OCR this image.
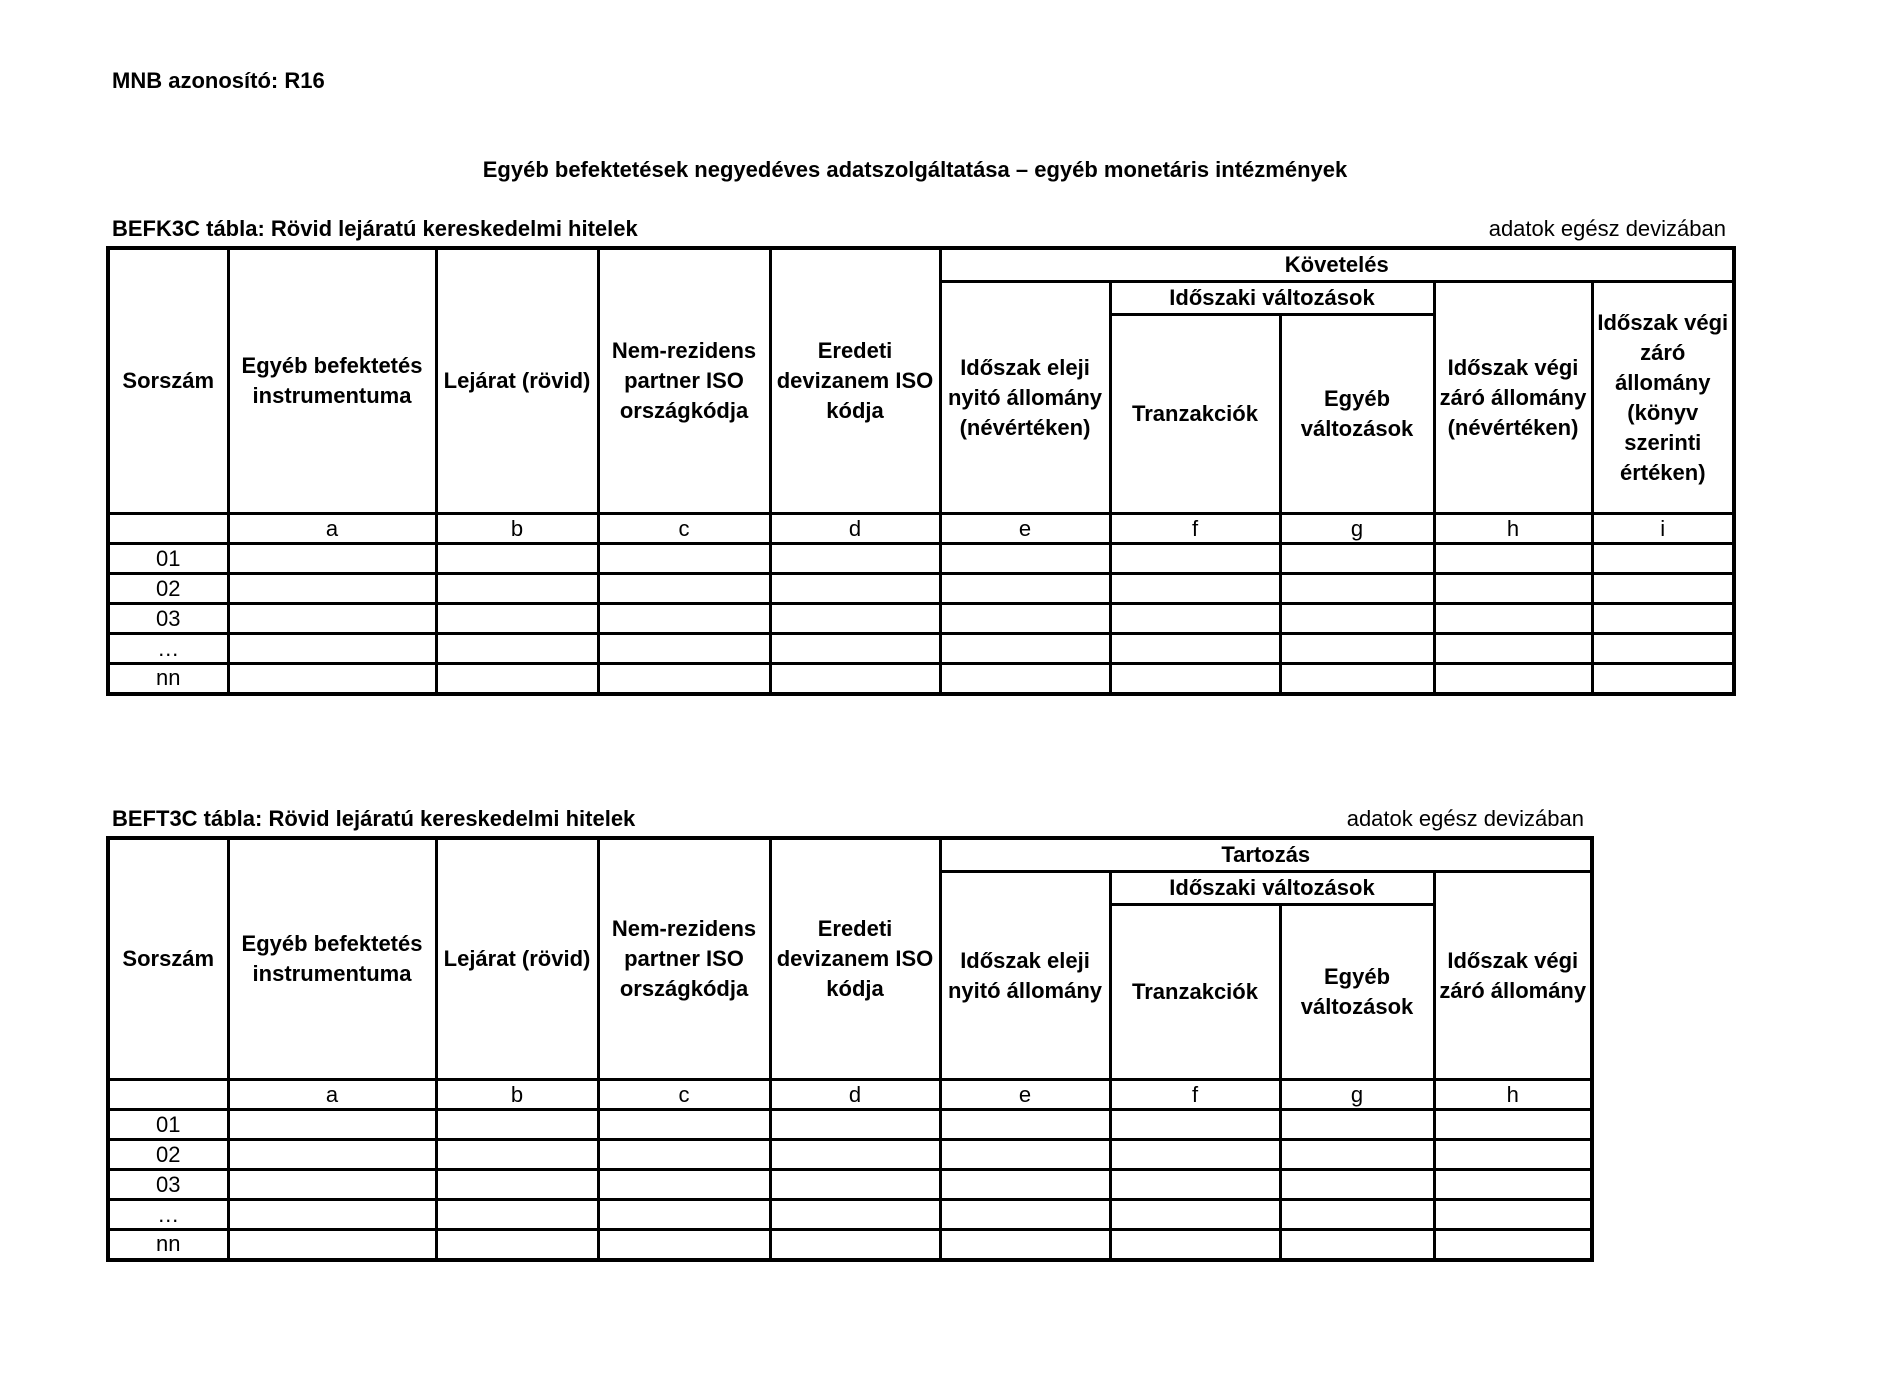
MNB azonosító: R16
Egyéb befektetések negyedéves adatszolgáltatása – egyéb monetáris intézmények
BEFK3C tábla: Rövid lejáratú kereskedelmi hitelek	adatok egész devizában
Sorszám	Egyéb befektetés instrumentuma	Lejárat (rövid)	Nem-rezidens partner ISO országkódja	Eredeti devizanem ISO kódja	Követelés				
					Időszak eleji nyitó állomány (névértéken)	Időszaki változások		Időszak végi záró állomány (névértéken)	Időszak végi záró állomány (könyv szerinti értéken)
						Tranzakciók	Egyéb változások		
	a	b	c	d	e	f	g	h	i
01									
02									
03									
…									
nn									
BEFT3C tábla: Rövid lejáratú kereskedelmi hitelek	adatok egész devizában
Sorszám	Egyéb befektetés instrumentuma	Lejárat (rövid)	Nem-rezidens partner ISO országkódja	Eredeti devizanem ISO kódja	Tartozás			
					Időszak eleji nyitó állomány	Időszaki változások		Időszak végi záró állomány
						Tranzakciók	Egyéb változások	
	a	b	c	d	e	f	g	h
01								
02								
03								
…								
nn								
